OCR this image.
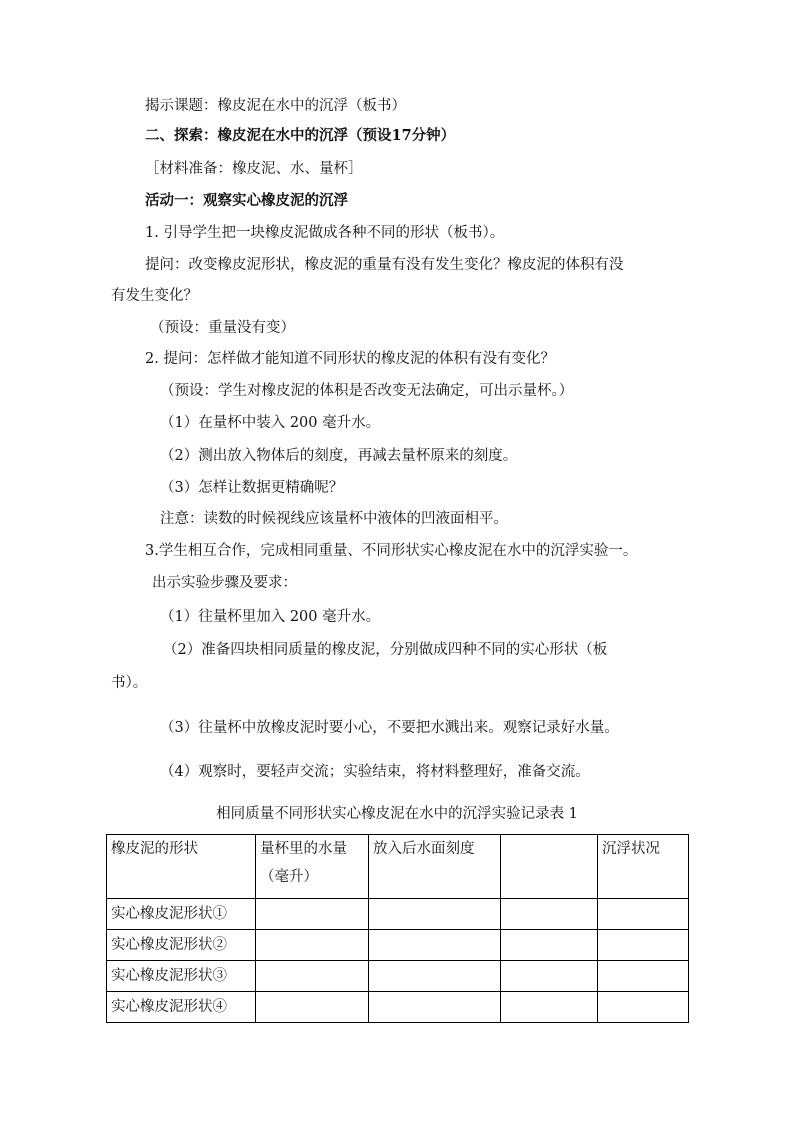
揭示课题：橡皮泥在水中的沉浮（板书）
二、探索：橡皮泥在水中的沉浮（预设17分钟）
［材料准备：橡皮泥、水、量杯］
活动一：观察实心橡皮泥的沉浮
1. 引导学生把一块橡皮泥做成各种不同的形状（板书）。
提问：改变橡皮泥形状，橡皮泥的重量有没有发生变化？橡皮泥的体积有没
有发生变化？
（预设：重量没有变）
2. 提问：怎样做才能知道不同形状的橡皮泥的体积有没有变化？
（预设：学生对橡皮泥的体积是否改变无法确定，可出示量杯。）
（1）在量杯中装入 200 毫升水。
（2）测出放入物体后的刻度，再减去量杯原来的刻度。
（3）怎样让数据更精确呢？
注意：读数的时候视线应该量杯中液体的凹液面相平。
3.学生相互合作，完成相同重量、不同形状实心橡皮泥在水中的沉浮实验一。
出示实验步骤及要求：
（1）往量杯里加入 200 毫升水。
（2）准备四块相同质量的橡皮泥，分别做成四种不同的实心形状（板
书）。
（3）往量杯中放橡皮泥时要小心，不要把水溅出来。观察记录好水量。
（4）观察时，要轻声交流；实验结束，将材料整理好，准备交流。
相同质量不同形状实心橡皮泥在水中的沉浮实验记录表 1
橡皮泥的形状	量杯里的水量
（毫升）	放入后水面刻度		沉浮状况
实心橡皮泥形状①				
实心橡皮泥形状②				
实心橡皮泥形状③				
实心橡皮泥形状④				
